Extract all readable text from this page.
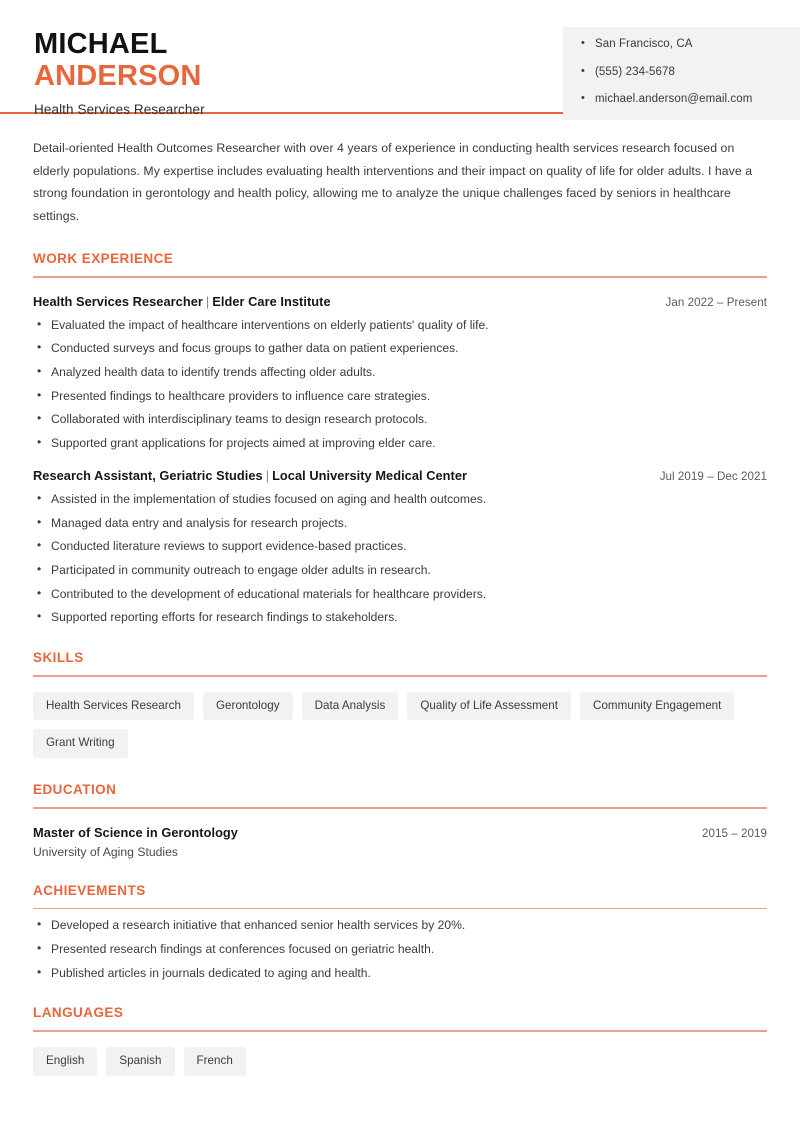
MICHAEL
ANDERSON
Health Services Researcher
• San Francisco, CA
• (555) 234-5678
• michael.anderson@email.com

Detail-oriented Health Outcomes Researcher with over 4 years of experience in conducting health services research focused on elderly populations. My expertise includes evaluating health interventions and their impact on quality of life for older adults. I have a strong foundation in gerontology and health policy, allowing me to analyze the unique challenges faced by seniors in healthcare settings.

WORK EXPERIENCE
Health Services Researcher | Elder Care Institute	Jan 2022 – Present
• Evaluated the impact of healthcare interventions on elderly patients' quality of life.
• Conducted surveys and focus groups to gather data on patient experiences.
• Analyzed health data to identify trends affecting older adults.
• Presented findings to healthcare providers to influence care strategies.
• Collaborated with interdisciplinary teams to design research protocols.
• Supported grant applications for projects aimed at improving elder care.
Research Assistant, Geriatric Studies | Local University Medical Center	Jul 2019 – Dec 2021
• Assisted in the implementation of studies focused on aging and health outcomes.
• Managed data entry and analysis for research projects.
• Conducted literature reviews to support evidence-based practices.
• Participated in community outreach to engage older adults in research.
• Contributed to the development of educational materials for healthcare providers.
• Supported reporting efforts for research findings to stakeholders.
SKILLS
Health Services Research	Gerontology	Data Analysis	Quality of Life Assessment	Community Engagement
Grant Writing
EDUCATION
Master of Science in Gerontology	2015 – 2019
University of Aging Studies
ACHIEVEMENTS
• Developed a research initiative that enhanced senior health services by 20%.
• Presented research findings at conferences focused on geriatric health.
• Published articles in journals dedicated to aging and health.
LANGUAGES
English	Spanish	French
